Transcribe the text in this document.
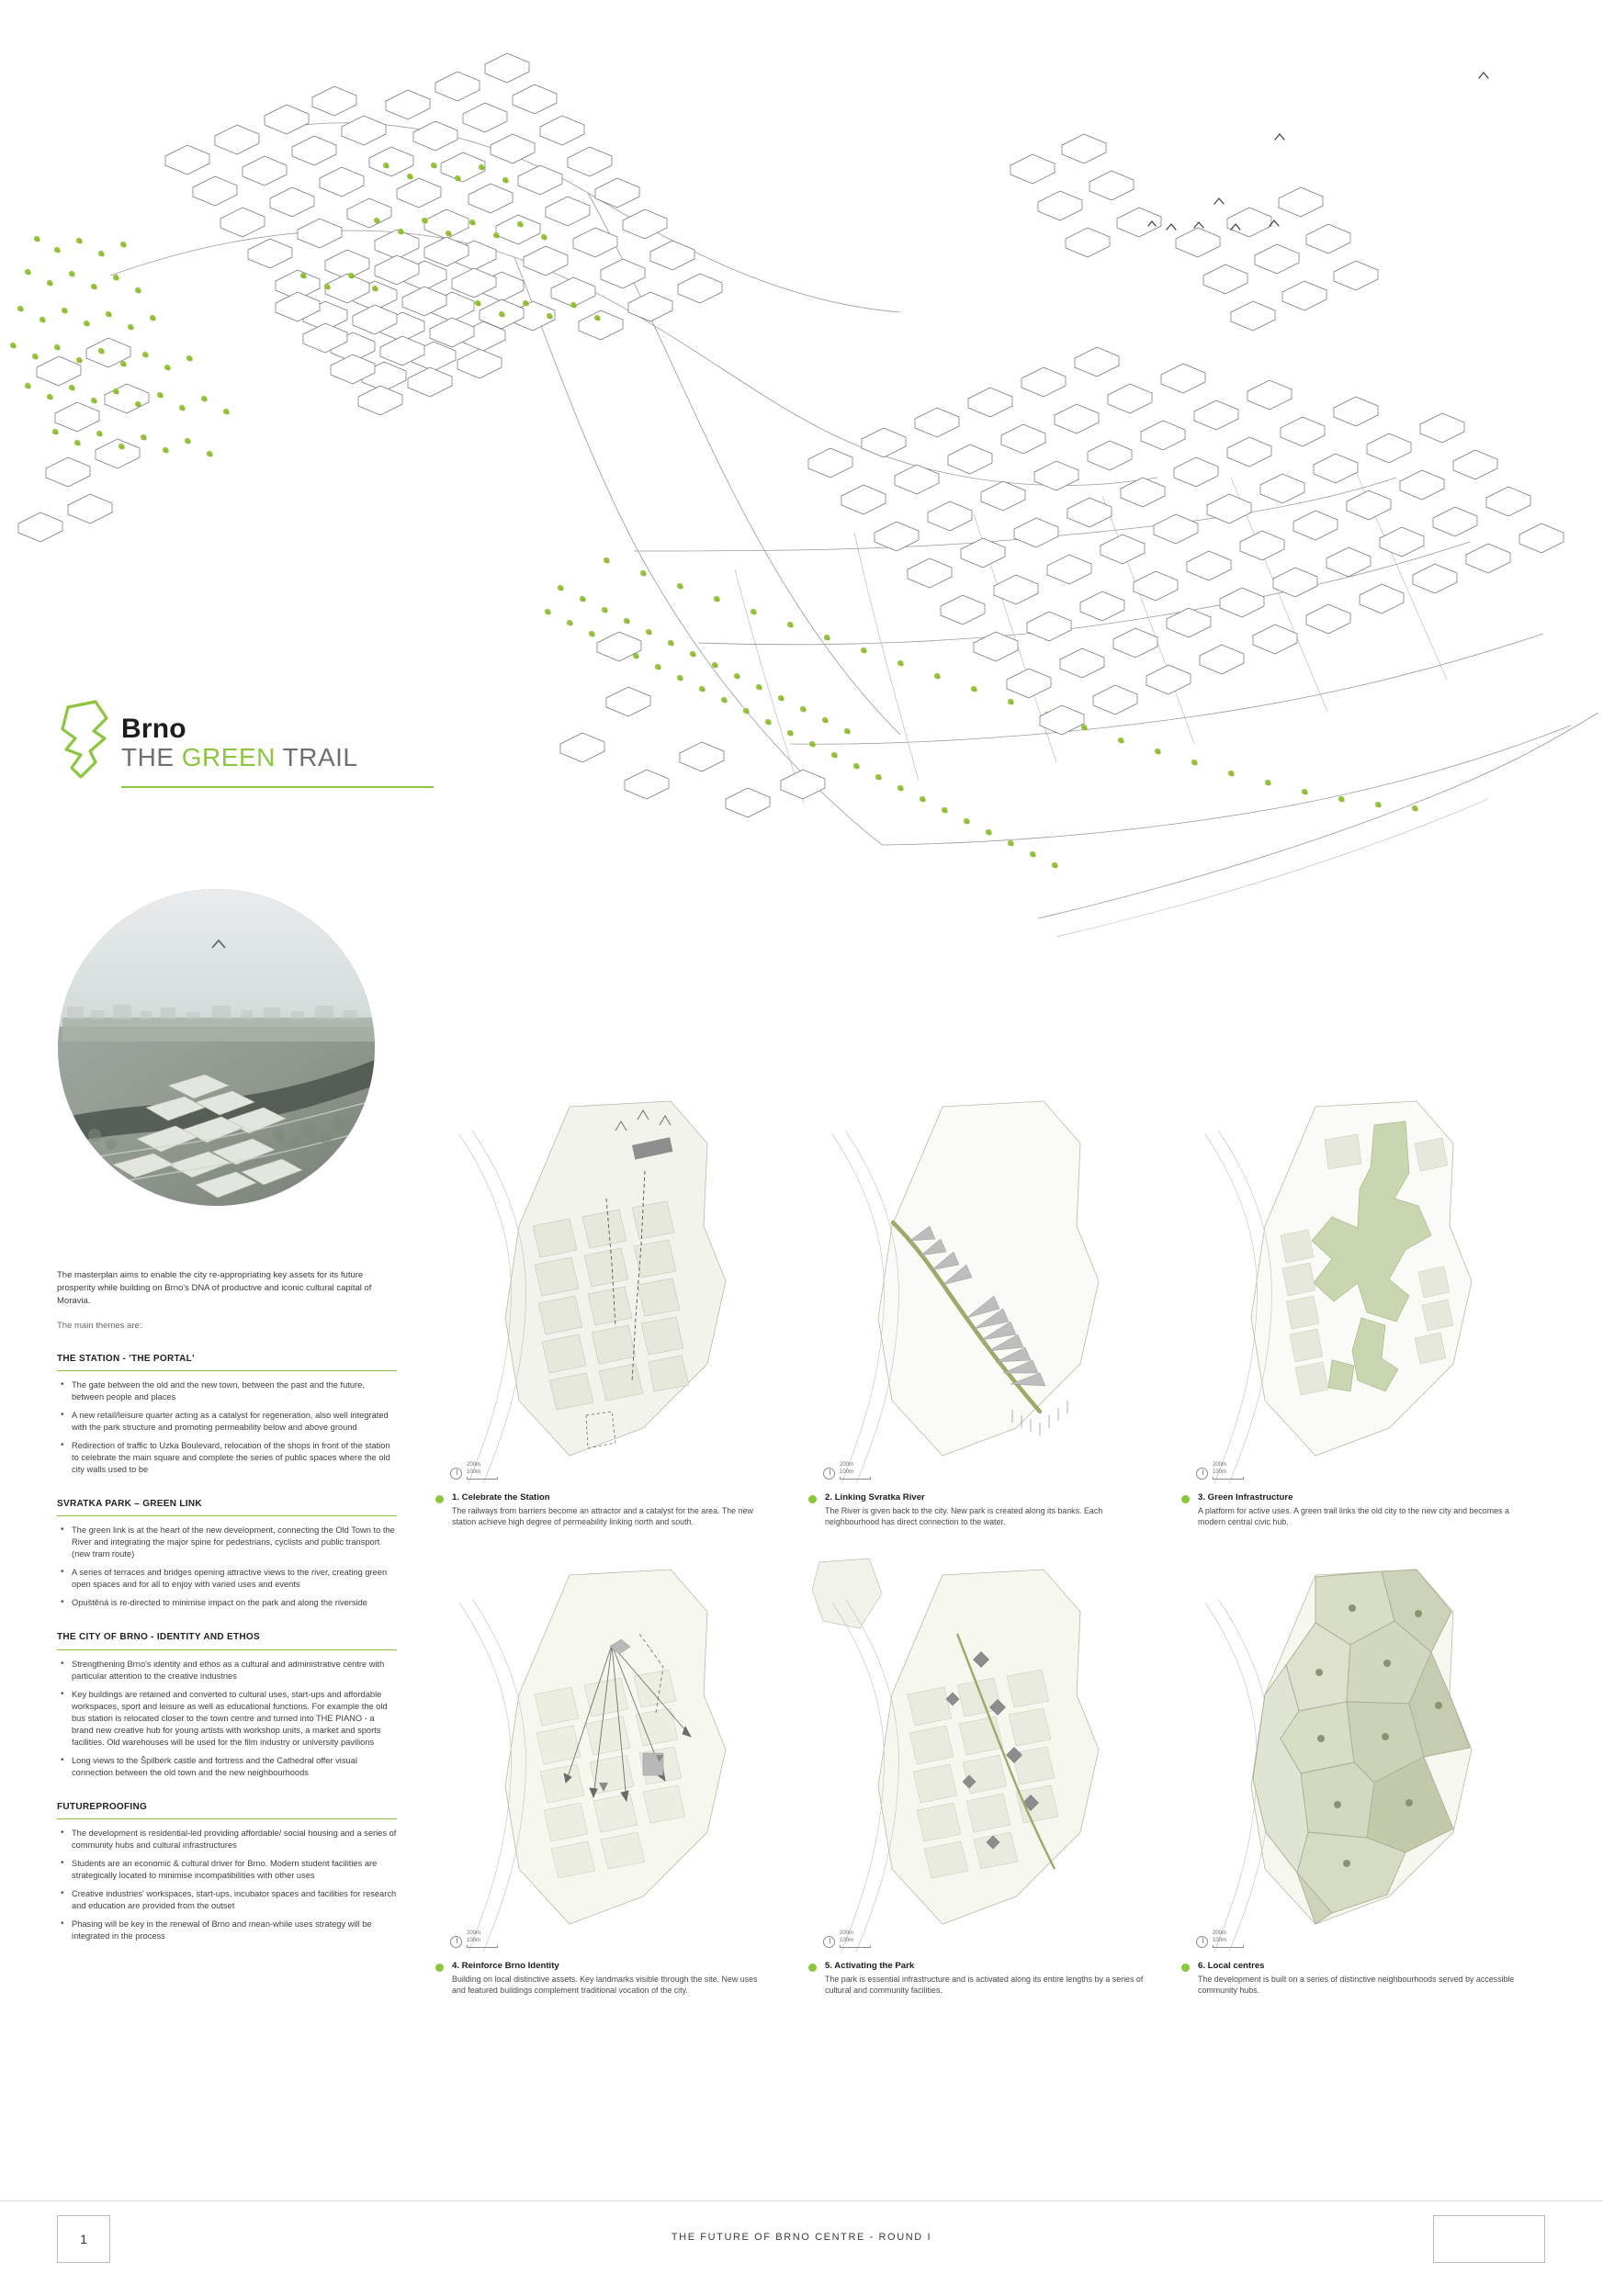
Brno
THE GREEN TRAIL

The masterplan aims to enable the city re-appropriating key assets for its future prosperity while building on Brno's DNA of productive and iconic cultural capital of Moravia.

The main themes are:

THE STATION - 'THE PORTAL'
• The gate between the old and the new town, between the past and the future, between people and places
• A new retail/leisure quarter acting as a catalyst for regeneration, also well integrated with the park structure and promoting permeability below and above ground
• Redirection of traffic to Uzka Boulevard, relocation of the shops in front of the station to celebrate the main square and complete the series of public spaces where the old city walls used to be
SVRATKA PARK – GREEN LINK
• The green link is at the heart of the new development, connecting the Old Town to the River and integrating the major spine for pedestrians, cyclists and public transport (new tram route)
• A series of terraces and bridges opening attractive views to the river, creating green open spaces and for all to enjoy with varied uses and events
• Opuštěná is re-directed to minimise impact on the park and along the riverside
THE CITY OF BRNO - IDENTITY AND ETHOS
• Strengthening Brno's identity and ethos as a cultural and administrative centre with particular attention to the creative industries
• Key buildings are retained and converted to cultural uses, start-ups and affordable workspaces, sport and leisure as well as educational functions. For example the old bus station is relocated closer to the town centre and turned into THE PIANO - a brand new creative hub for young artists with workshop units, a market and sports facilities. Old warehouses will be used for the film industry or university pavilions
• Long views to the Špilberk castle and fortress and the Cathedral offer visual connection between the old town and the new neighbourhoods
FUTUREPROOFING
• The development is residential-led providing affordable/ social housing and a series of community hubs and cultural infrastructures
• Students are an economic & cultural driver for Brno. Modern student facilities are strategically located to minimise incompatibilities with other uses
• Creative industries' workspaces, start-ups, incubator spaces and facilities for research and education are provided from the outset
• Phasing will be key in the renewal of Brno and mean-while uses strategy will be integrated in the process
200m
100m
1. Celebrate the Station
The railways from barriers become an attractor and a catalyst for the area. The new station achieve high degree of permeability linking north and south.
200m
100m
2. Linking Svratka River
The River is given back to the city. New park is created along its banks. Each neighbourhood has direct connection to the water.
200m
100m
3. Green Infrastructure
A platform for active uses. A green trail links the old city to the new city and becomes a modern central civic hub.
200m
100m
4. Reinforce Brno Identity
Building on local distinctive assets. Key landmarks visible through the site. New uses and featured buildings complement traditional vocation of the city.
200m
100m
5. Activating the Park
The park is essential infrastructure and is activated along its entire lengths by a series of cultural and community facilities.
200m
100m
6. Local centres
The development is built on a series of distinctive neighbourhoods served by accessible community hubs.
1	THE FUTURE OF BRNO CENTRE - ROUND I
